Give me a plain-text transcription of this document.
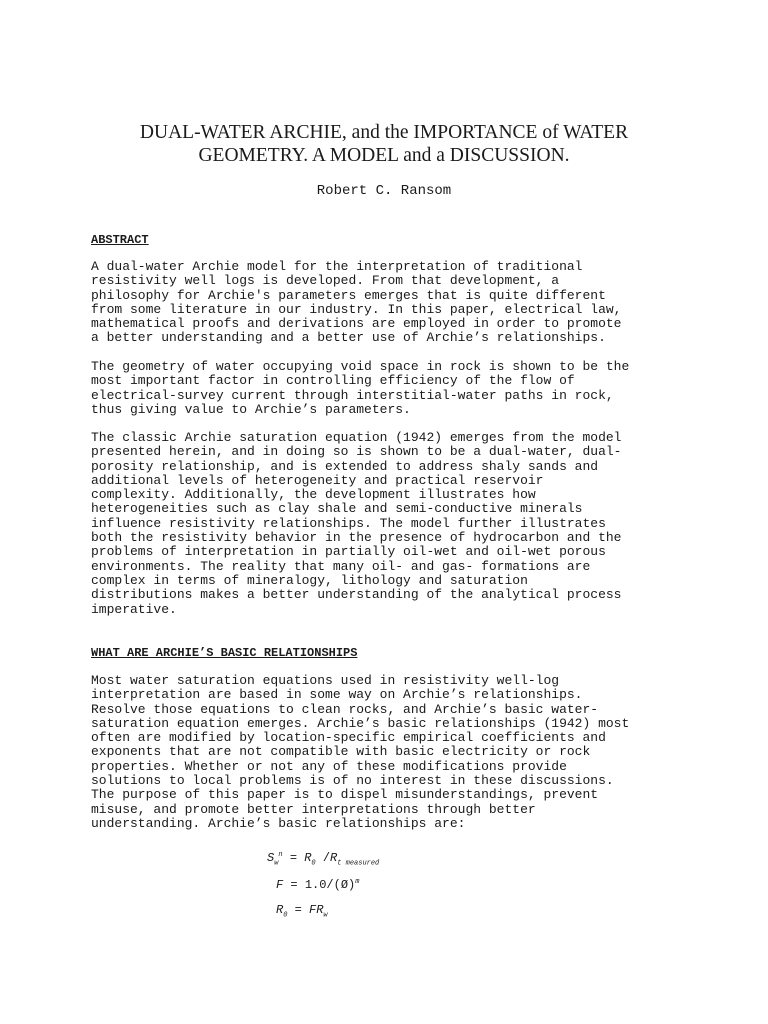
DUAL-WATER ARCHIE, and the IMPORTANCE of WATER
GEOMETRY. A MODEL and a DISCUSSION.
Robert C. Ransom
ABSTRACT

A dual-water Archie model for the interpretation of traditional
resistivity well logs is developed. From that development, a
philosophy for Archie's parameters emerges that is quite different
from some literature in our industry. In this paper, electrical law,
mathematical proofs and derivations are employed in order to promote
a better understanding and a better use of Archie’s relationships.

The geometry of water occupying void space in rock is shown to be the
most important factor in controlling efficiency of the flow of
electrical-survey current through interstitial-water paths in rock,
thus giving value to Archie’s parameters.

The classic Archie saturation equation (1942) emerges from the model
presented herein, and in doing so is shown to be a dual-water, dual-
porosity relationship, and is extended to address shaly sands and
additional levels of heterogeneity and practical reservoir
complexity. Additionally, the development illustrates how
heterogeneities such as clay shale and semi-conductive minerals
influence resistivity relationships. The model further illustrates
both the resistivity behavior in the presence of hydrocarbon and the
problems of interpretation in partially oil-wet and oil-wet porous
environments. The reality that many oil- and gas- formations are
complex in terms of mineralogy, lithology and saturation
distributions makes a better understanding of the analytical process
imperative.

WHAT ARE ARCHIE’S BASIC RELATIONSHIPS

Most water saturation equations used in resistivity well-log
interpretation are based in some way on Archie’s relationships.
Resolve those equations to clean rocks, and Archie’s basic water-
saturation equation emerges. Archie’s basic relationships (1942) most
often are modified by location-specific empirical coefficients and
exponents that are not compatible with basic electricity or rock
properties. Whether or not any of these modifications provide
solutions to local problems is of no interest in these discussions.
The purpose of this paper is to dispel misunderstandings, prevent
misuse, and promote better interpretations through better
understanding. Archie’s basic relationships are:

$S_w^n = R_0$ $/R_{t measured}$
F = 1.0/(Ø)$^m$
$R_0 = FR_w$
